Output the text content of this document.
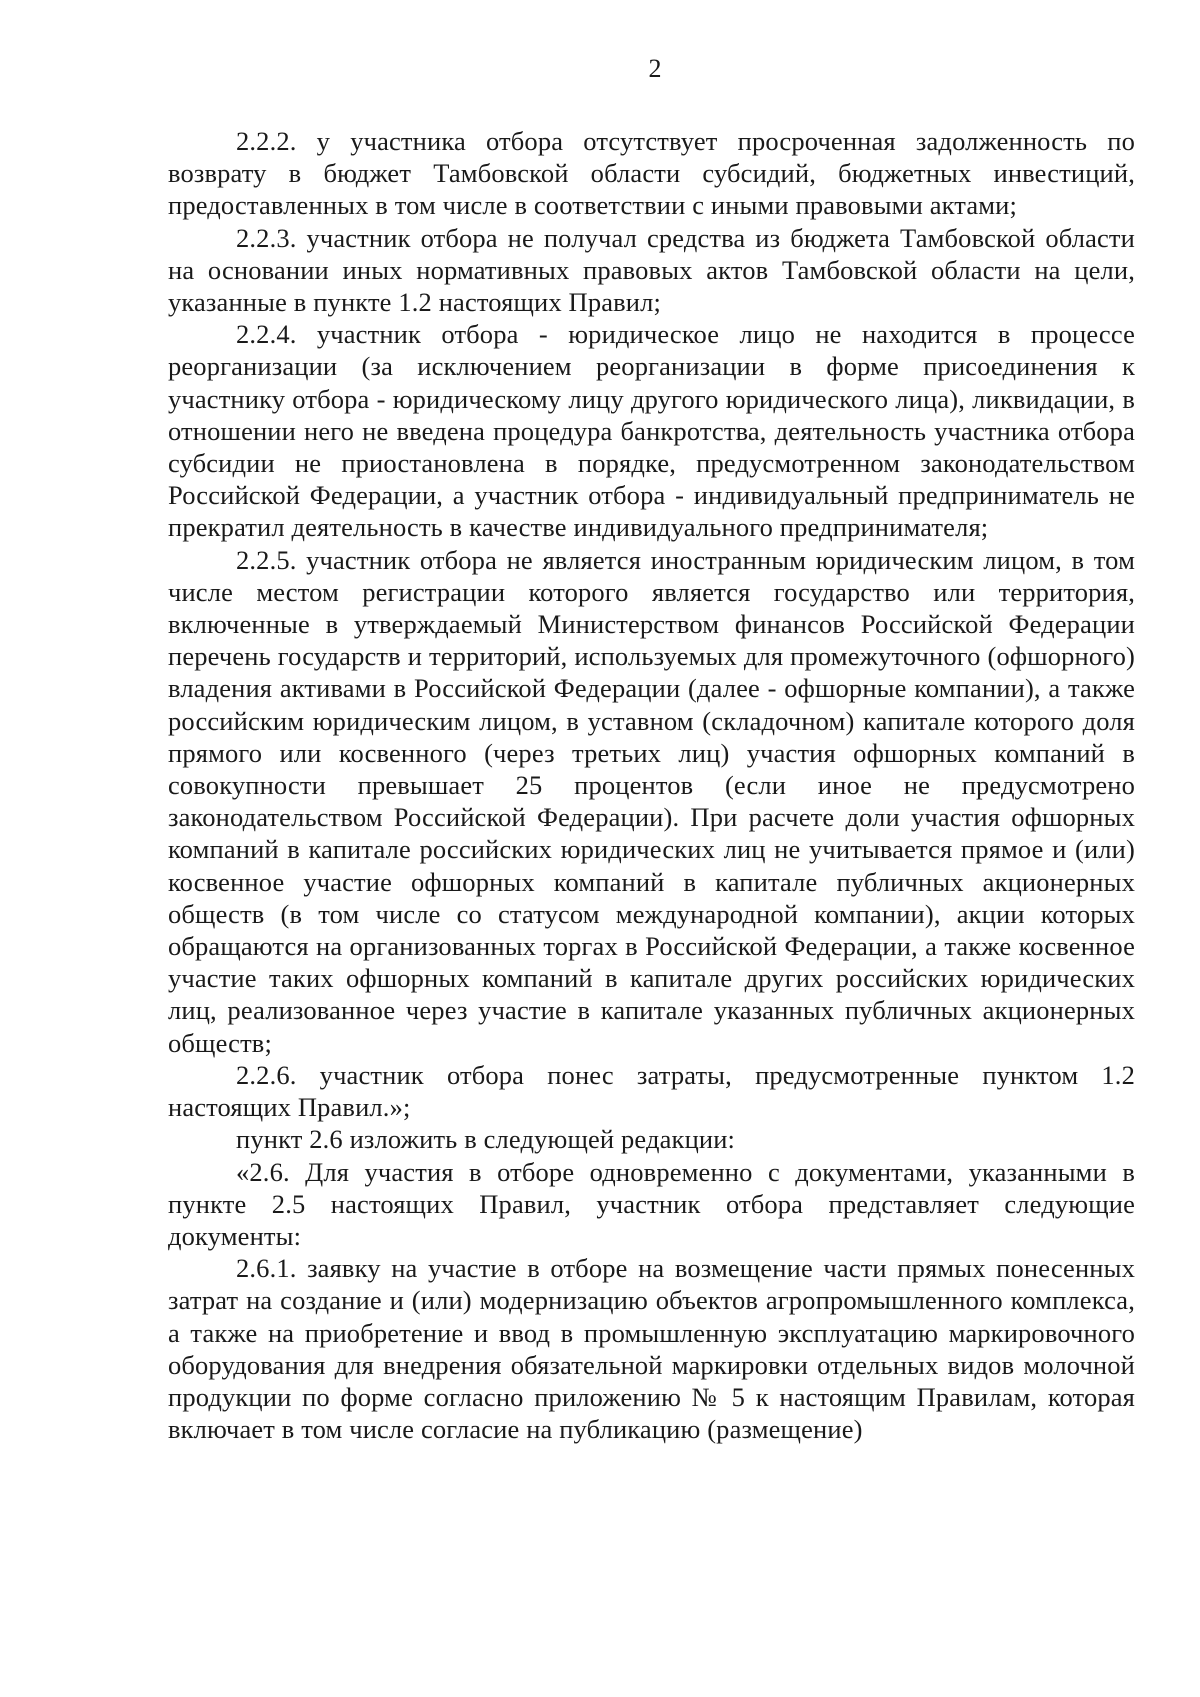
2

2.2.2. у участника отбора отсутствует просроченная задолженность по возврату в бюджет Тамбовской области субсидий, бюджетных инвестиций, предоставленных в том числе в соответствии с иными правовыми актами;

2.2.3. участник отбора не получал средства из бюджета Тамбовской области на основании иных нормативных правовых актов Тамбовской области на цели, указанные в пункте 1.2 настоящих Правил;

2.2.4. участник отбора - юридическое лицо не находится в процессе реорганизации (за исключением реорганизации в форме присоединения к участнику отбора - юридическому лицу другого юридического лица), ликвидации, в отношении него не введена процедура банкротства, деятельность участника отбора субсидии не приостановлена в порядке, предусмотренном законодательством Российской Федерации, а участник отбора - индивидуальный предприниматель не прекратил деятельность в качестве индивидуального предпринимателя;

2.2.5. участник отбора не является иностранным юридическим лицом, в том числе местом регистрации которого является государство или территория, включенные в утверждаемый Министерством финансов Российской Федерации перечень государств и территорий, используемых для промежуточного (офшорного) владения активами в Российской Федерации (далее - офшорные компании), а также российским юридическим лицом, в уставном (складочном) капитале которого доля прямого или косвенного (через третьих лиц) участия офшорных компаний в совокупности превышает 25 процентов (если иное не предусмотрено законодательством Российской Федерации). При расчете доли участия офшорных компаний в капитале российских юридических лиц не учитывается прямое и (или) косвенное участие офшорных компаний в капитале публичных акционерных обществ (в том числе со статусом международной компании), акции которых обращаются на организованных торгах в Российской Федерации, а также косвенное участие таких офшорных компаний в капитале других российских юридических лиц, реализованное через участие в капитале указанных публичных акционерных обществ;

2.2.6. участник отбора понес затраты, предусмотренные пунктом 1.2 настоящих Правил.»;

пункт 2.6 изложить в следующей редакции:

«2.6. Для участия в отборе одновременно с документами, указанными в пункте 2.5 настоящих Правил, участник отбора представляет следующие документы:

2.6.1. заявку на участие в отборе на возмещение части прямых понесенных затрат на создание и (или) модернизацию объектов агропромышленного комплекса, а также на приобретение и ввод в промышленную эксплуатацию маркировочного оборудования для внедрения обязательной маркировки отдельных видов молочной продукции по форме согласно приложению № 5 к настоящим Правилам, которая включает в том числе согласие на публикацию (размещение)
